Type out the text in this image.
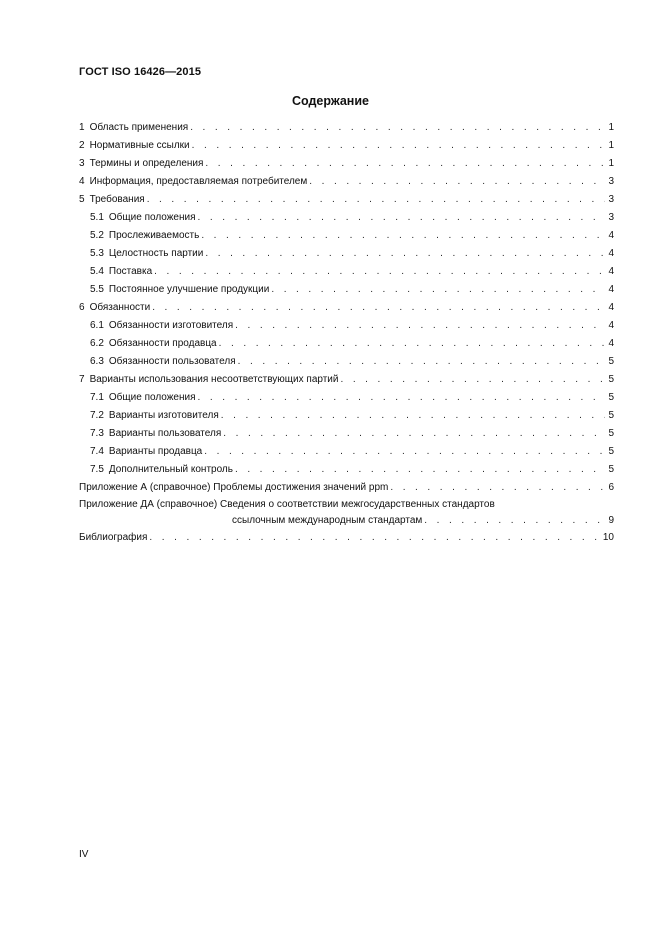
ГОСТ ISO 16426—2015
Содержание
1 Область применения . . .	1
2 Нормативные ссылки . . .	1
3 Термины и определения . . .	1
4 Информация, предоставляемая потребителем . . .	3
5 Требования . . .	3
5.1 Общие положения . . .	3
5.2 Прослеживаемость . . .	4
5.3 Целостность партии . . .	4
5.4 Поставка . . .	4
5.5 Постоянное улучшение продукции . . .	4
6 Обязанности . . .	4
6.1 Обязанности изготовителя . . .	4
6.2 Обязанности продавца . . .	4
6.3 Обязанности пользователя . . .	5
7 Варианты использования несоответствующих партий . . .	5
7.1 Общие положения . . .	5
7.2 Варианты изготовителя . . .	5
7.3 Варианты пользователя . . .	5
7.4 Варианты продавца . . .	5
7.5 Дополнительный контроль . . .	5
Приложение А (справочное) Проблемы достижения значений ppm . . .	6
Приложение ДА (справочное) Сведения о соответствии межгосударственных стандартов
ссылочным международным стандартам . . .	9
Библиография . . .	10
IV
